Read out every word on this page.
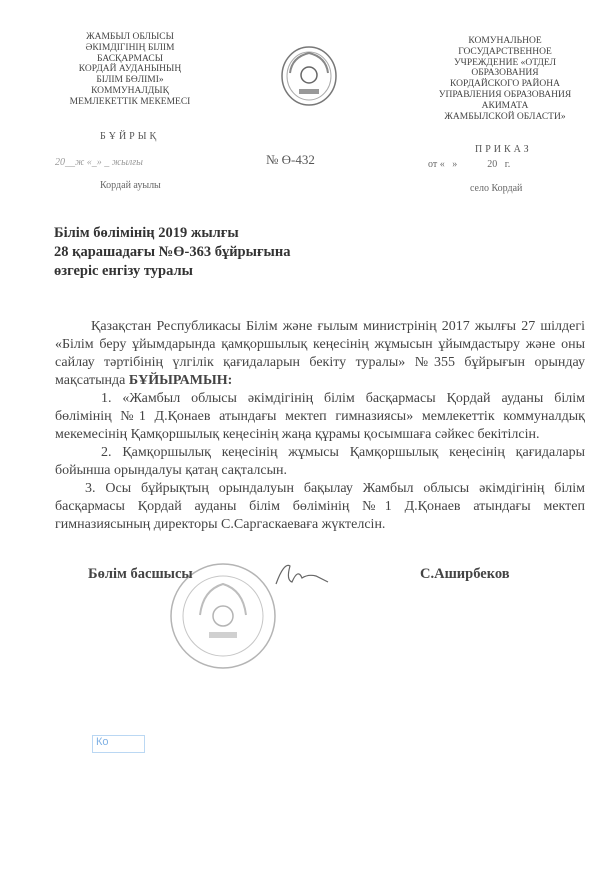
ЖАМБЫЛ ОБЛЫСЫ
ӘКІМДІГІНІҢ БІЛІМ
БАСҚАРМАСЫ
КОРДАЙ АУДАНЫНЫҢ
БІЛІМ БӨЛІМІ»
КОММУНАЛДЫҚ
МЕМЛЕКЕТТІК МЕКЕМЕСІ
БҰЙРЫҚ
20__ж «_» _ жылғы
Кордай ауылы
№ Ө-432
КОМУНАЛЬНОЕ
ГОСУДАРСТВЕННОЕ
УЧРЕЖДЕНИЕ «ОТДЕЛ
ОБРАЗОВАНИЯ
КОРДАЙСКОГО РАЙОНА
УПРАВЛЕНИЯ ОБРАЗОВАНИЯ
АКИМАТА
ЖАМБЫЛСКОЙ ОБЛАСТИ»
ПРИКАЗ
от «   »            20   г.
село Кордай
Білім бөлімінің 2019 жылғы
28 қарашадағы №Ө-363 бұйрығына
өзгеріс енгізу туралы

Қазақстан Республикасы Білім және ғылым министрінің 2017 жылғы 27 шілдегі «Білім беру ұйымдарында қамқоршылық кеңесінің жұмысын ұйымдастыру және оны сайлау тәртібінің үлгілік қағидаларын бекіту туралы» №355 бұйрығын орындау мақсатында БҰЙЫРАМЫН:

1. «Жамбыл облысы әкімдігінің білім басқармасы Қордай ауданы білім бөлімінің №1 Д.Қонаев атындағы мектеп гимназиясы» мемлекеттік коммуналдық мекемесінің Қамқоршылық кеңесінің жаңа құрамы қосымшаға сәйкес бекітілсін.

2. Қамқоршылық кеңесінің жұмысы Қамқоршылық кеңесінің қағидалары бойынша орындалуы қатаң сақталсын.

3. Осы бұйрықтың орындалуын бақылау Жамбыл облысы әкімдігінің білім басқармасы Қордай ауданы білім бөлімінің №1 Д.Қонаев атындағы мектеп гимназиясының директоры С.Саргаскаевағa жүктелсін.

Бөлім басшысы	С.Аширбеков
Ко
